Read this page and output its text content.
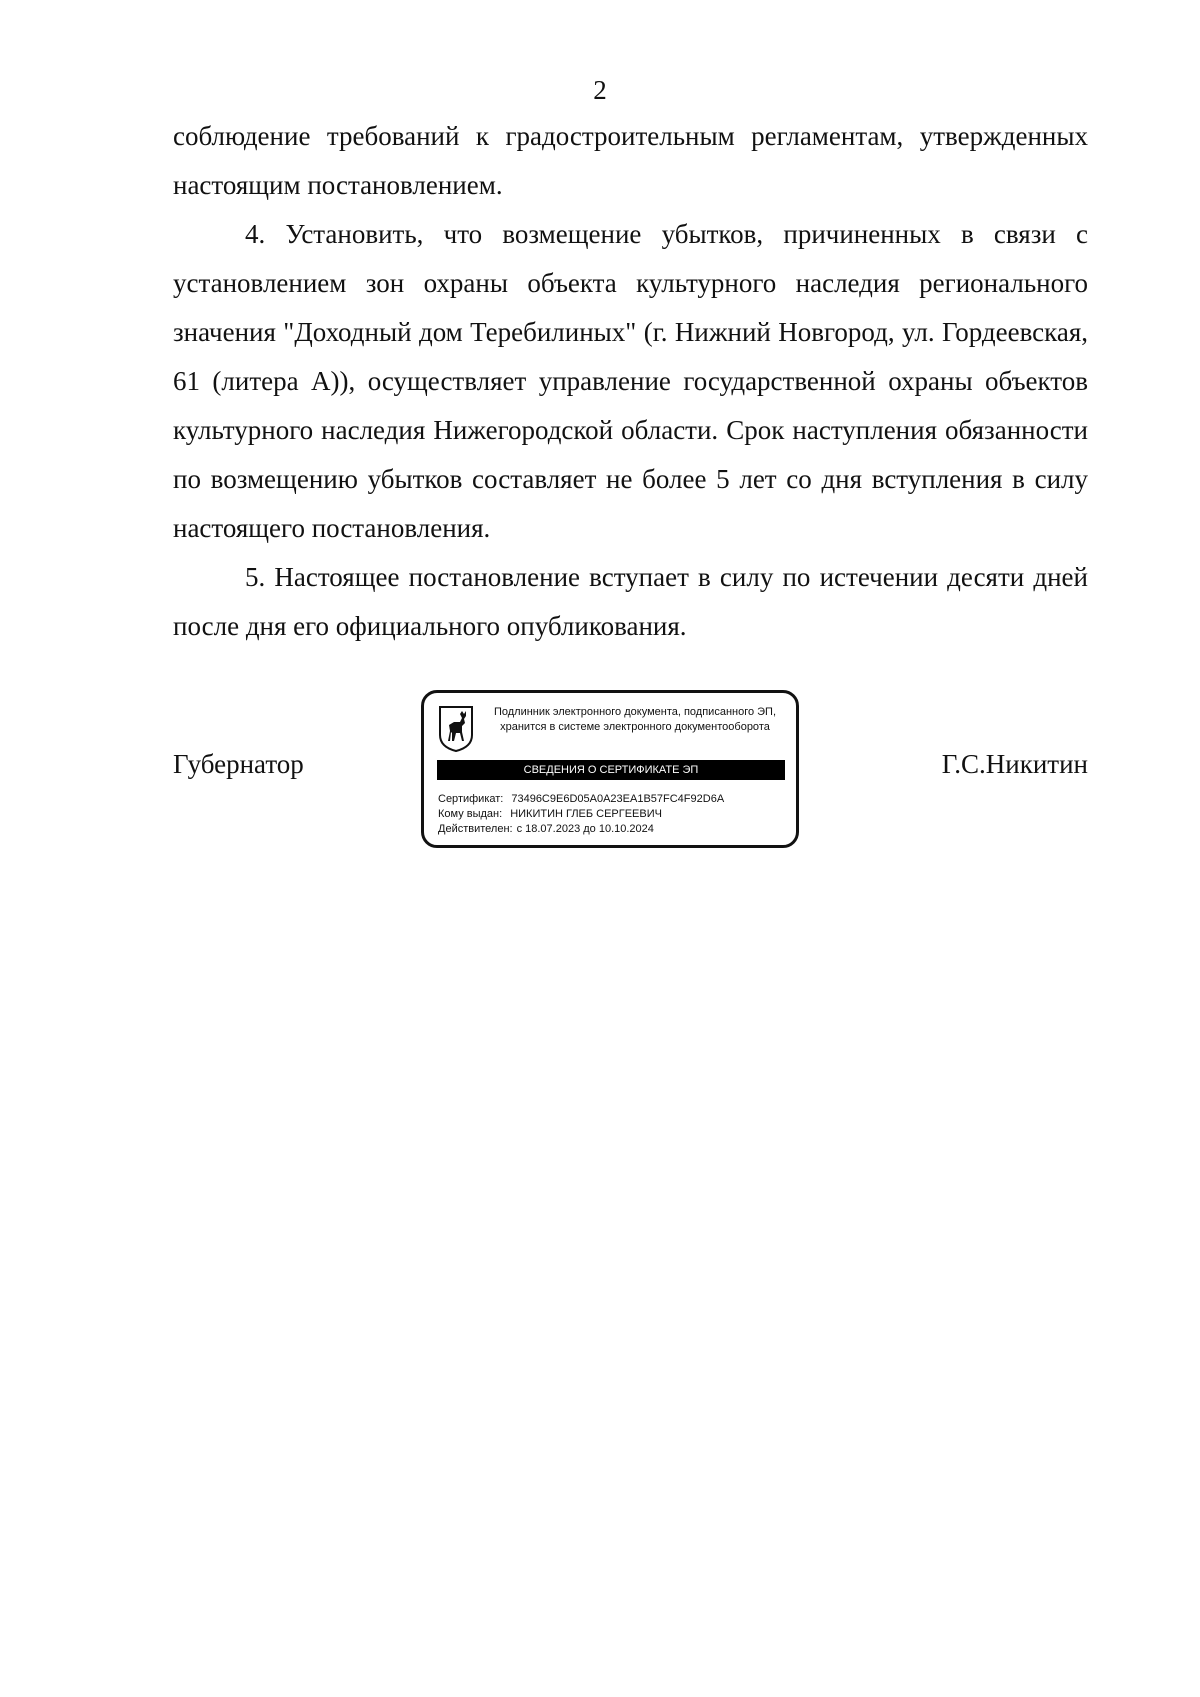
2

соблюдение требований к градостроительным регламентам, утвержденных настоящим постановлением.

4. Установить, что возмещение убытков, причиненных в связи с установлением зон охраны объекта культурного наследия регионального значения "Доходный дом Теребилиных" (г. Нижний Новгород, ул. Гордеевская, 61 (литера А)), осуществляет управление государственной охраны объектов культурного наследия Нижегородской области. Срок наступления обязанности по возмещению убытков составляет не более 5 лет со дня вступления в силу настоящего постановления.

5. Настоящее постановление вступает в силу по истечении десяти дней после дня его официального опубликования.

Губернатор
Подлинник электронного документа, подписанного ЭП,
хранится в системе электронного документооборота
СВЕДЕНИЯ О СЕРТИФИКАТЕ ЭП
Сертификат: 73496C9E6D05A0A23EA1B57FC4F92D6A
Кому выдан: НИКИТИН ГЛЕБ СЕРГЕЕВИЧ
Действителен: с 18.07.2023 до 10.10.2024
Г.С.Никитин
